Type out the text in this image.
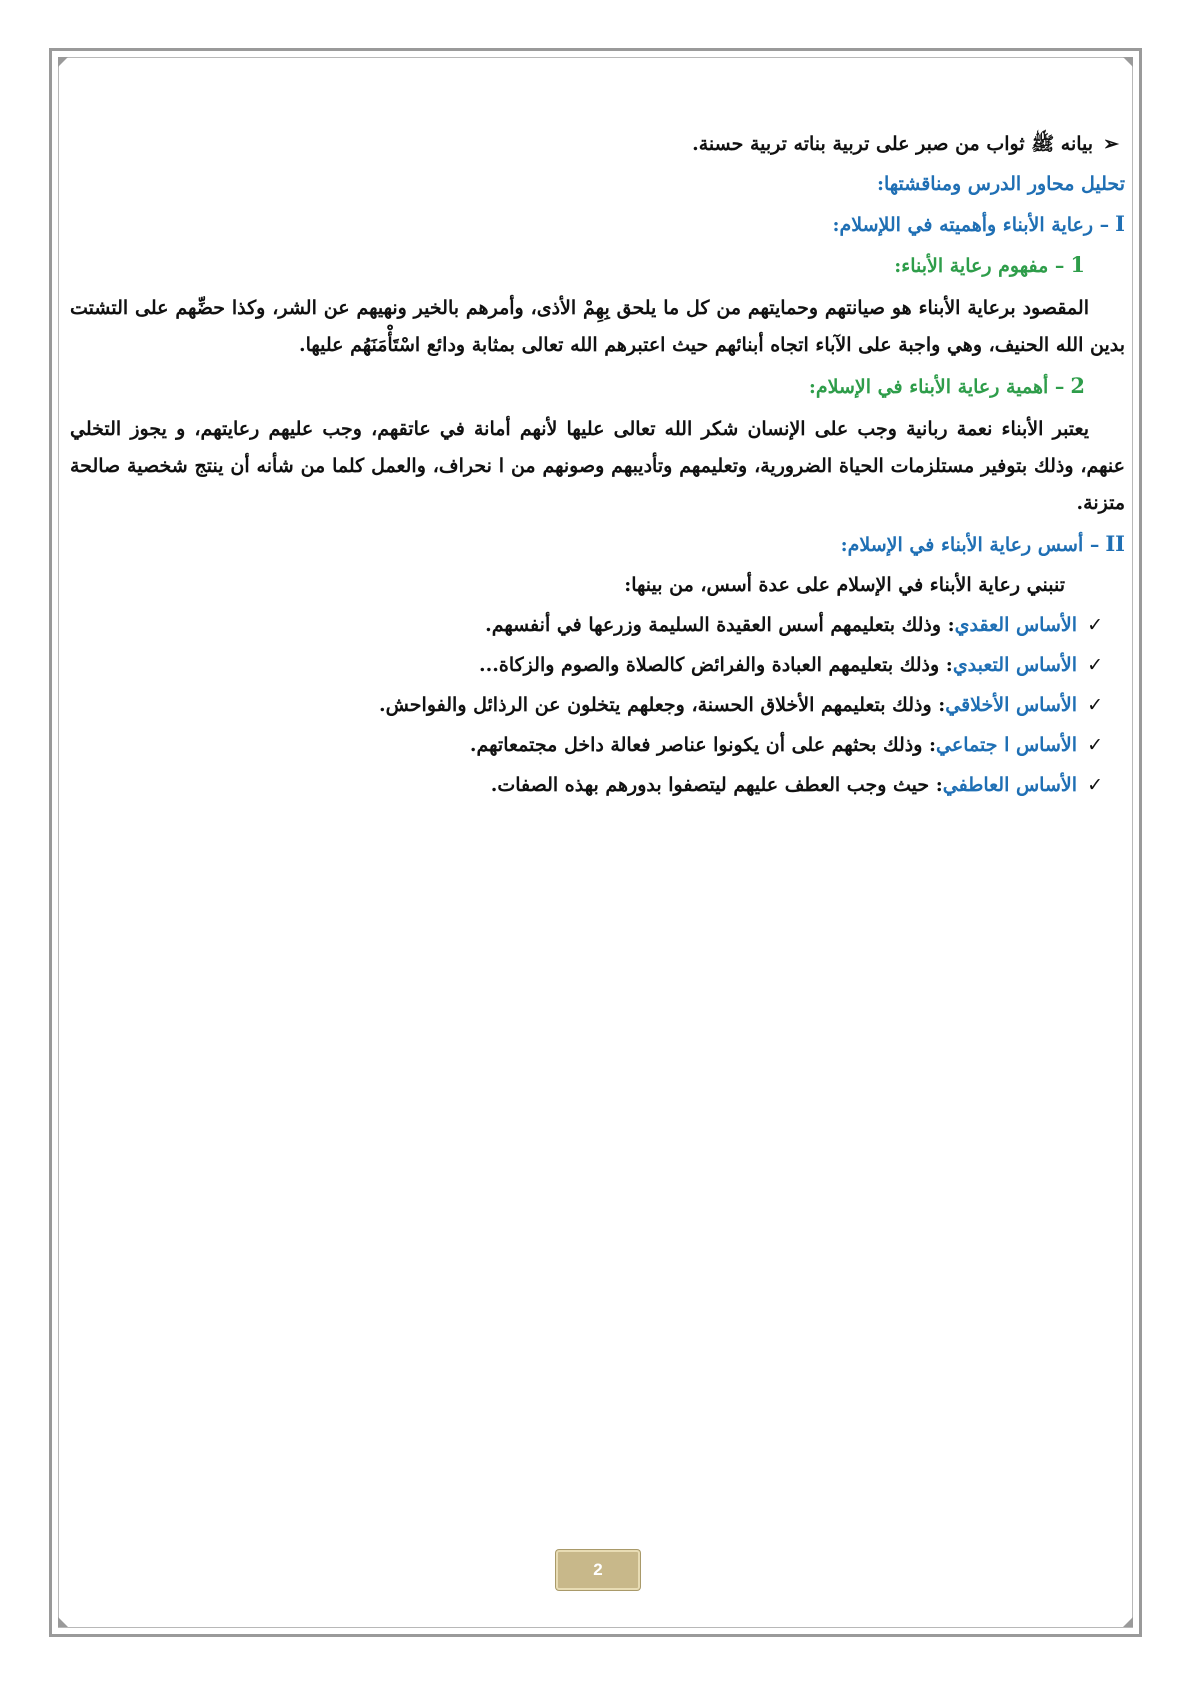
➢بيانه ﷺ ثواب من صبر على تربية بناته تربية حسنة.

تحليل محاور الدرس ومناقشتها:

I– رعاية الأبناء وأهميته في اللإسلام:

1– مفهوم رعاية الأبناء:

المقصود برعاية الأبناء هو صيانتهم وحمايتهم من كل ما يلحق بِهِمْ الأذى، وأمرهم بالخير ونهيهم عن الشر، وكذا حضِّهم على التشتت بدين الله الحنيف، وهي واجبة على الآباء اتجاه أبنائهم حيث اعتبرهم الله تعالى بمثابة ودائع اسْتَأْمَنَهُم عليها.

2– أهمية رعاية الأبناء في الإسلام:

يعتبر الأبناء نعمة ربانية وجب على الإنسان شكر الله تعالى عليها لأنهم أمانة في عاتقهم، وجب عليهم رعايتهم، و يجوز التخلي عنهم، وذلك بتوفير مستلزمات الحياة الضرورية، وتعليمهم وتأديبهم وصونهم من ا نحراف، والعمل كلما من شأنه أن ينتج شخصية صالحة متزنة.

II– أسس رعاية الأبناء في الإسلام:

تنبني رعاية الأبناء في الإسلام على عدة أسس، من بينها:

✓الأساس العقدي: وذلك بتعليمهم أسس العقيدة السليمة وزرعها في أنفسهم.
✓الأساس التعبدي: وذلك بتعليمهم العبادة والفرائض كالصلاة والصوم والزكاة...
✓الأساس الأخلاقي: وذلك بتعليمهم الأخلاق الحسنة، وجعلهم يتخلون عن الرذائل والفواحش.
✓الأساس ا جتماعي: وذلك بحثهم على أن يكونوا عناصر فعالة داخل مجتمعاتهم.
✓الأساس العاطفي: حيث وجب العطف عليهم ليتصفوا بدورهم بهذه الصفات.
2
